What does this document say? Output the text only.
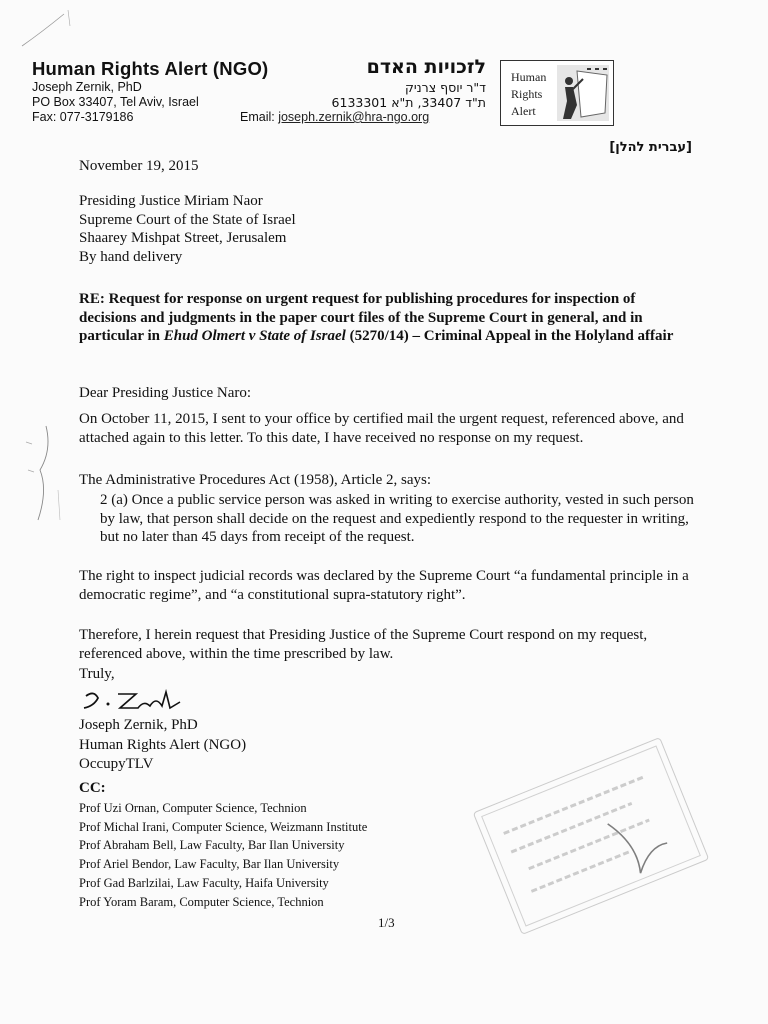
Human Rights Alert (NGO)
Joseph Zernik, PhD
PO Box 33407, Tel Aviv, Israel
Fax: 077-3179186
לזכויות האדם
ד"ר יוסף צרניק
ת"ד 33407, ת"א 6133301
Email: joseph.zernik@hra-ngo.org
Human
Rights
Alert
[עברית להלן]
November 19, 2015
Presiding Justice Miriam Naor
Supreme Court of the State of Israel
Shaarey Mishpat Street, Jerusalem
By hand delivery
RE: Request for response on urgent request for publishing procedures for inspection of decisions and judgments in the paper court files of the Supreme Court in general, and in particular in Ehud Olmert v State of Israel (5270/14) – Criminal Appeal in the Holyland affair
Dear Presiding Justice Naro:
On October 11, 2015, I sent to your office by certified mail the urgent request, referenced above, and attached again to this letter. To this date, I have received no response on my request.
The Administrative Procedures Act (1958), Article 2, says:
2 (a) Once a public service person was asked in writing to exercise authority, vested in such person by law, that person shall decide on the request and expediently respond to the requester in writing, but no later than 45 days from receipt of the request.
The right to inspect judicial records was declared by the Supreme Court “a fundamental principle in a democratic regime”, and “a constitutional supra-statutory right”.
Therefore, I herein request that Presiding Justice of the Supreme Court respond on my request, referenced above, within the time prescribed by law.
Truly,
Joseph Zernik, PhD
Human Rights Alert (NGO)
OccupyTLV
CC:
Prof Uzi Ornan, Computer Science, Technion
Prof Michal Irani, Computer Science, Weizmann Institute
Prof Abraham Bell, Law Faculty, Bar Ilan University
Prof Ariel Bendor, Law Faculty, Bar Ilan University
Prof Gad Barlzilai, Law Faculty, Haifa University
Prof Yoram Baram, Computer Science, Technion
1/3
